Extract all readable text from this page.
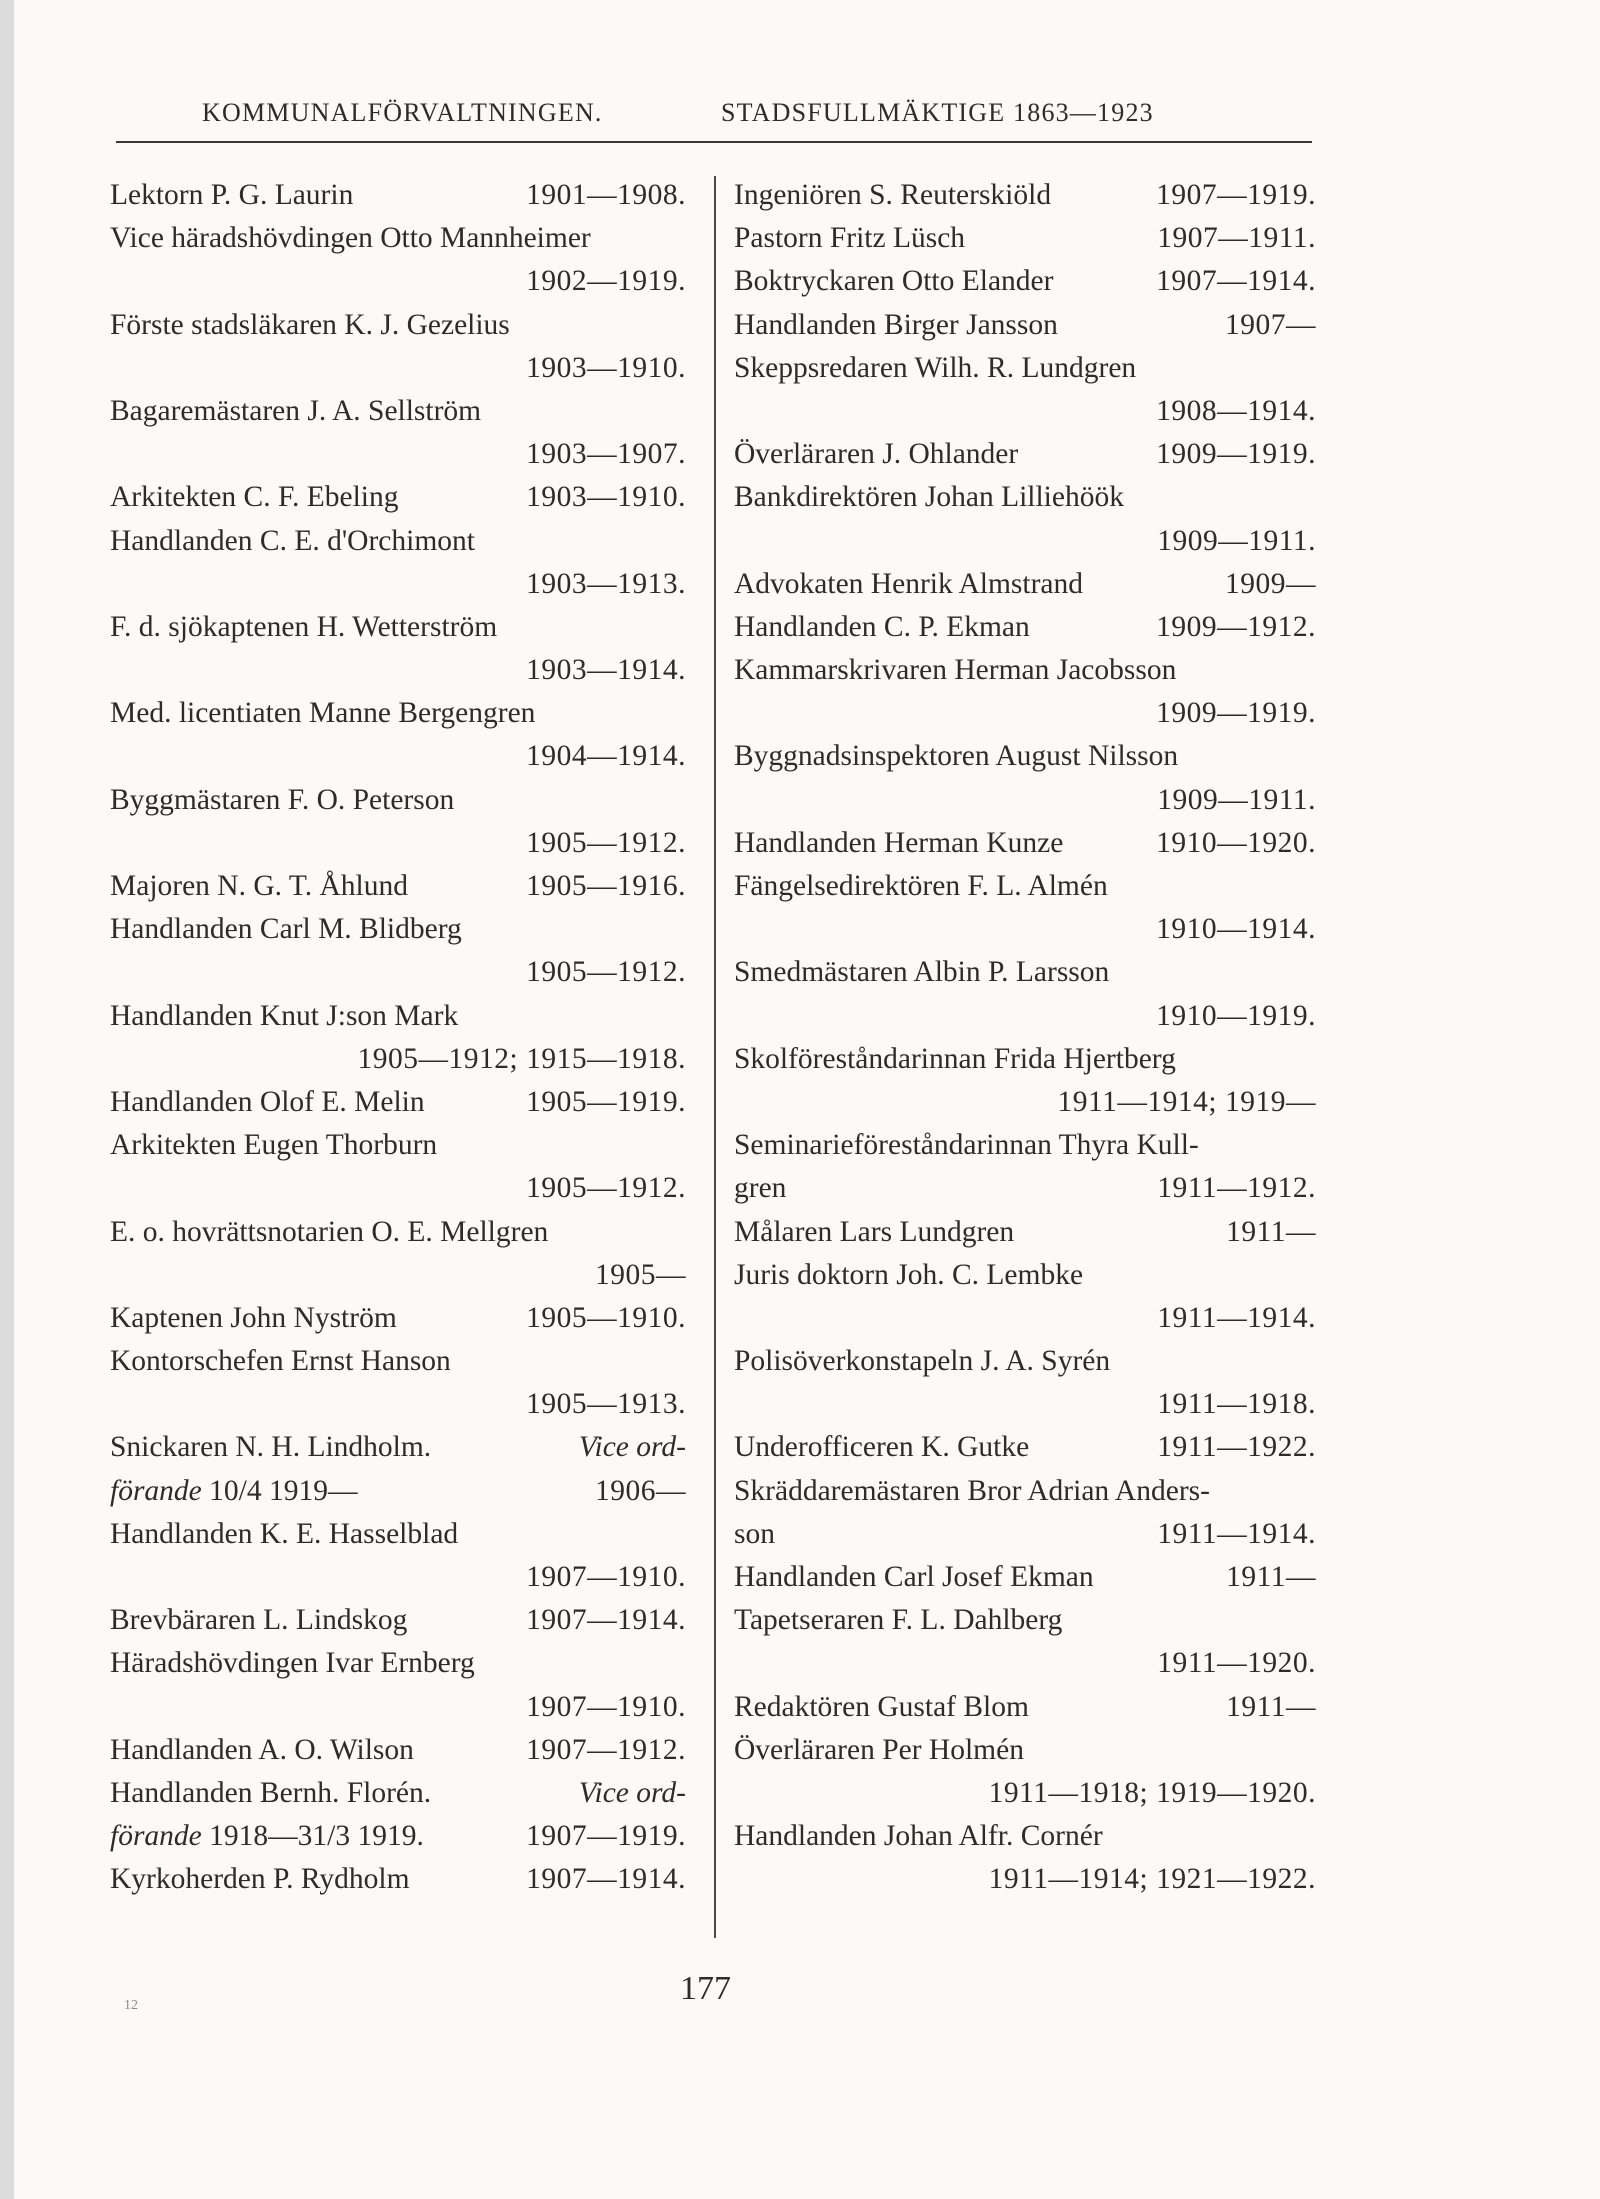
KOMMUNALFÖRVALTNINGEN.	STADSFULLMÄKTIGE 1863—1923
Lektorn P. G. Laurin	1901—1908.
Vice häradshövdingen Otto Mannheimer
1902—1919.
Förste stadsläkaren K. J. Gezelius
1903—1910.
Bagaremästaren J. A. Sellström
1903—1907.
Arkitekten C. F. Ebeling	1903—1910.
Handlanden C. E. d'Orchimont
1903—1913.
F. d. sjökaptenen H. Wetterström
1903—1914.
Med. licentiaten Manne Bergengren
1904—1914.
Byggmästaren F. O. Peterson
1905—1912.
Majoren N. G. T. Åhlund	1905—1916.
Handlanden Carl M. Blidberg
1905—1912.
Handlanden Knut J:son Mark
1905—1912; 1915—1918.
Handlanden Olof E. Melin	1905—1919.
Arkitekten Eugen Thorburn
1905—1912.
E. o. hovrättsnotarien O. E. Mellgren
1905—
Kaptenen John Nyström	1905—1910.
Kontorschefen Ernst Hanson
1905—1913.
Snickaren N. H. Lindholm.	Vice ord-
förande 10/4 1919—	1906—
Handlanden K. E. Hasselblad
1907—1910.
Brevbäraren L. Lindskog	1907—1914.
Häradshövdingen Ivar Ernberg
1907—1910.
Handlanden A. O. Wilson	1907—1912.
Handlanden Bernh. Florén.	Vice ord-
förande 1918—31/3 1919.	1907—1919.
Kyrkoherden P. Rydholm	1907—1914.
Ingeniören S. Reuterskiöld	1907—1919.
Pastorn Fritz Lüsch	1907—1911.
Boktryckaren Otto Elander	1907—1914.
Handlanden Birger Jansson	1907—
Skeppsredaren Wilh. R. Lundgren
1908—1914.
Överläraren J. Ohlander	1909—1919.
Bankdirektören Johan Lilliehöök
1909—1911.
Advokaten Henrik Almstrand	1909—
Handlanden C. P. Ekman	1909—1912.
Kammarskrivaren Herman Jacobsson
1909—1919.
Byggnadsinspektoren August Nilsson
1909—1911.
Handlanden Herman Kunze	1910—1920.
Fängelsedirektören F. L. Almén
1910—1914.
Smedmästaren Albin P. Larsson
1910—1919.
Skolföreståndarinnan Frida Hjertberg
1911—1914; 1919—
Seminarieföreståndarinnan Thyra Kull-
gren	1911—1912.
Målaren Lars Lundgren	1911—
Juris doktorn Joh. C. Lembke
1911—1914.
Polisöverkonstapeln J. A. Syrén
1911—1918.
Underofficeren K. Gutke	1911—1922.
Skräddaremästaren Bror Adrian Anders-
son	1911—1914.
Handlanden Carl Josef Ekman	1911—
Tapetseraren F. L. Dahlberg
1911—1920.
Redaktören Gustaf Blom	1911—
Överläraren Per Holmén
1911—1918; 1919—1920.
Handlanden Johan Alfr. Cornér
1911—1914; 1921—1922.
177
12
